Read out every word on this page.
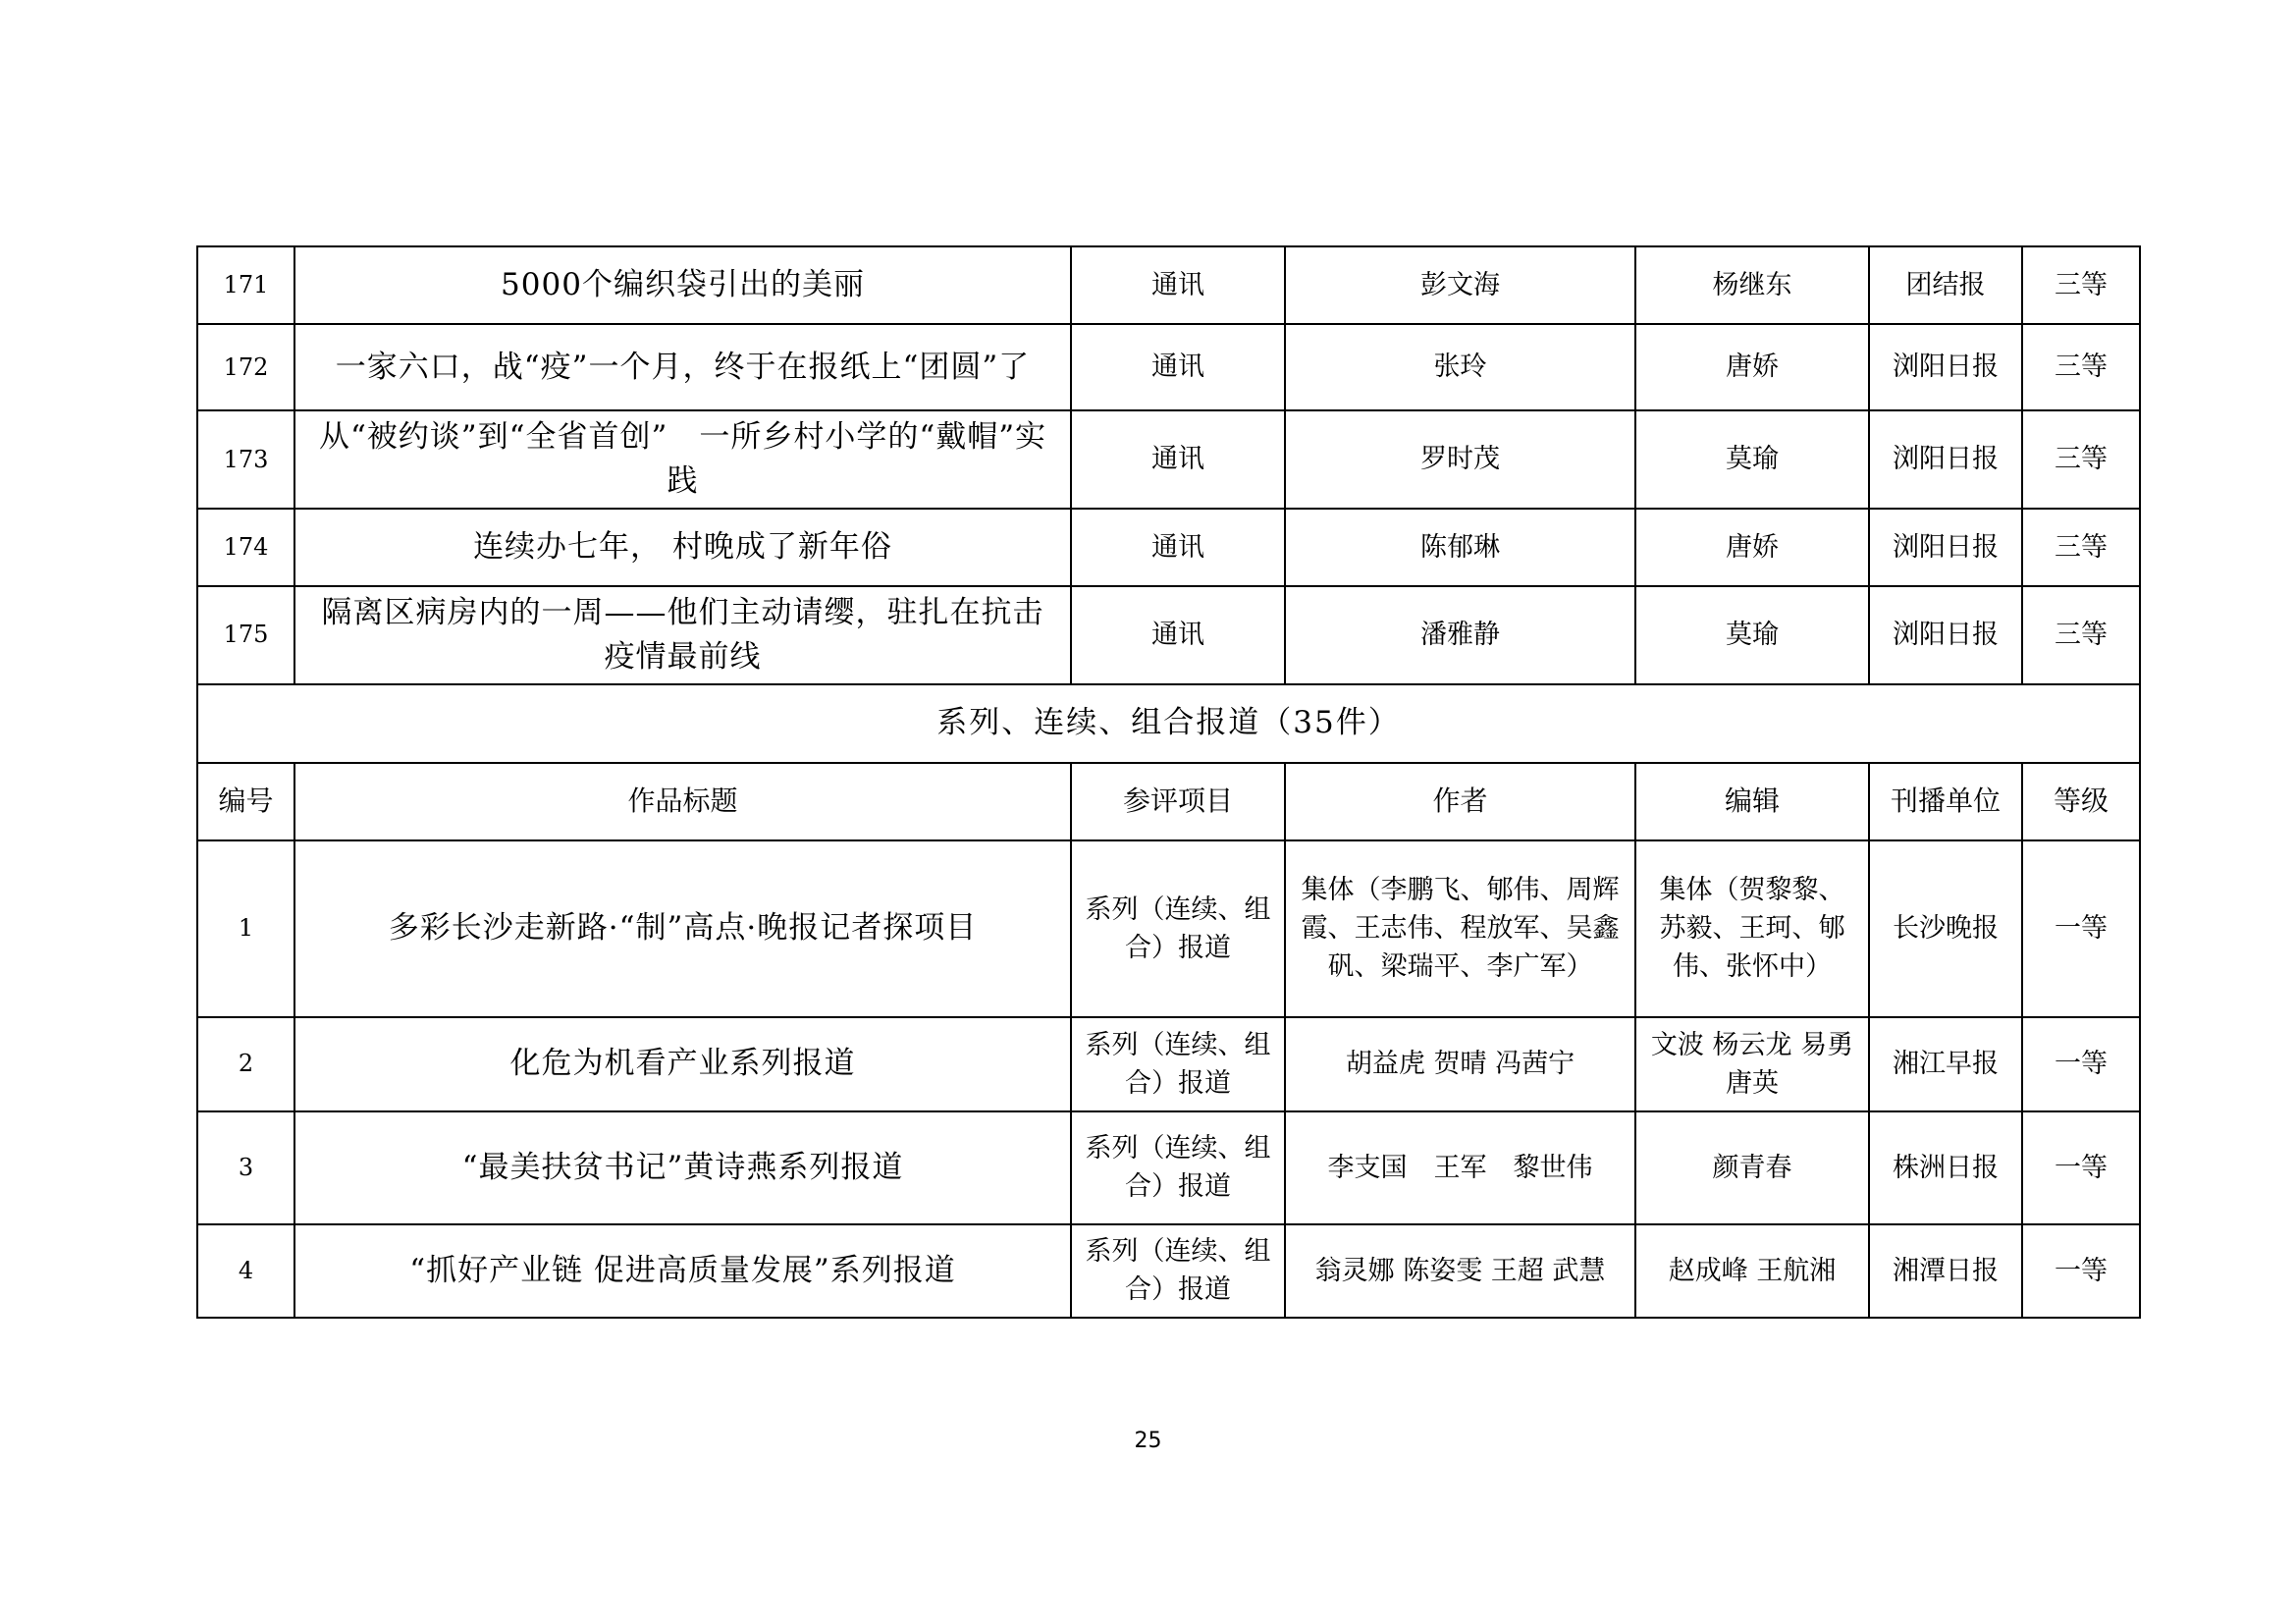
171	5000个编织袋引出的美丽	通讯	彭文海	杨继东	团结报	三等
172	一家六口，战“疫”一个月，终于在报纸上“团圆”了	通讯	张玲	唐娇	浏阳日报	三等
173	从“被约谈”到“全省首创”　一所乡村小学的“戴帽”实践	通讯	罗时茂	莫瑜	浏阳日报	三等
174	连续办七年， 村晚成了新年俗	通讯	陈郁琳	唐娇	浏阳日报	三等
175	隔离区病房内的一周——他们主动请缨，驻扎在抗击疫情最前线	通讯	潘雅静	莫瑜	浏阳日报	三等
系列、连续、组合报道（35件）						
编号	作品标题	参评项目	作者	编辑	刊播单位	等级
1	多彩长沙走新路·“制”高点·晚报记者探项目	系列（连续、组合）报道	集体（李鹏飞、郇伟、周辉霞、王志伟、程放军、吴鑫矾、梁瑞平、李广军）	集体（贺黎黎、苏毅、王珂、郇伟、张怀中）	长沙晚报	一等
2	化危为机看产业系列报道	系列（连续、组合）报道	胡益虎 贺晴 冯茜宁	文波 杨云龙 易勇 唐英	湘江早报	一等
3	“最美扶贫书记”黄诗燕系列报道	系列（连续、组合）报道	李支国　王军　黎世伟	颜青春	株洲日报	一等
4	“抓好产业链 促进高质量发展”系列报道	系列（连续、组合）报道	翁灵娜 陈姿雯 王超 武慧	赵成峰 王航湘	湘潭日报	一等
25
